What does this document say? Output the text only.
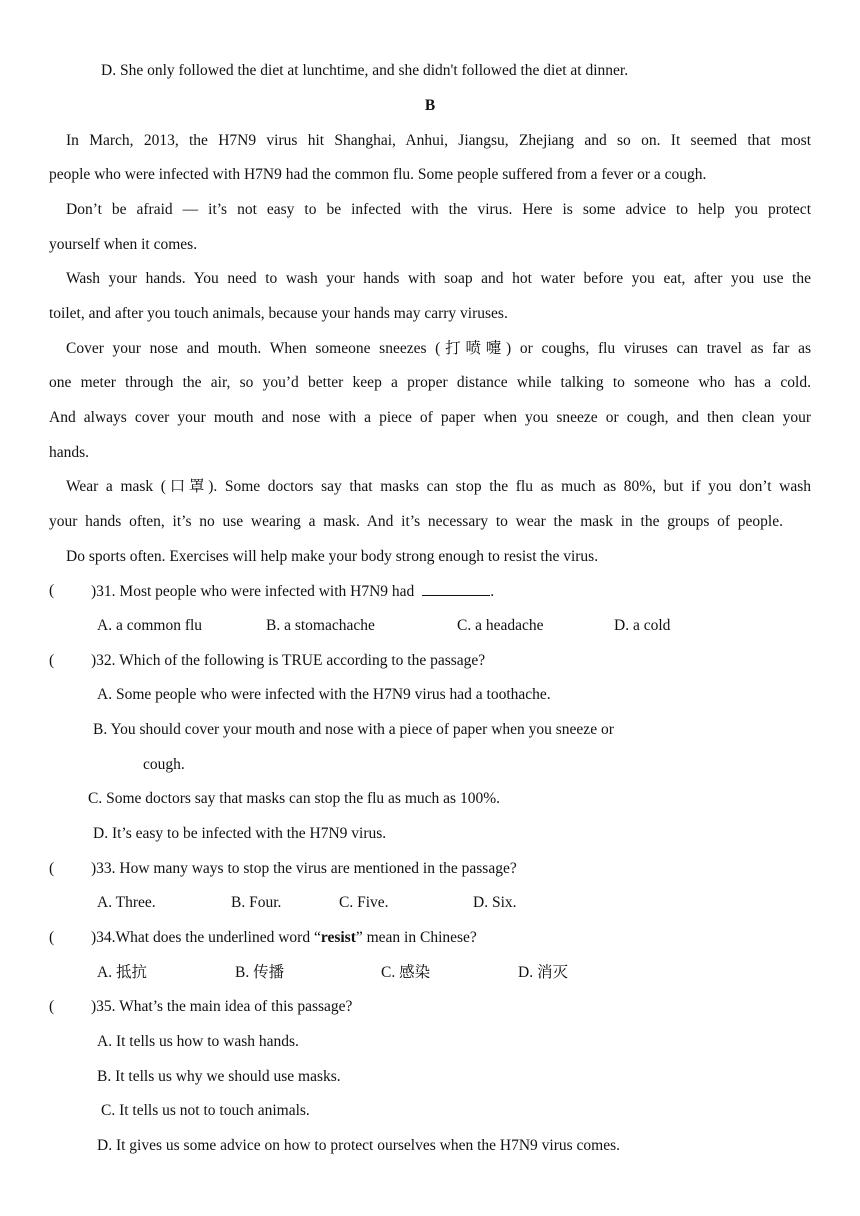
D. She only followed the diet at lunchtime, and she didn't followed the diet at dinner.
B
In March, 2013, the H7N9 virus hit Shanghai, Anhui, Jiangsu, Zhejiang and so on. It seemed that most
people who were infected with H7N9 had the common flu. Some people suffered from a fever or a cough.
Don’t be afraid — it’s not easy to be infected with the virus. Here is some advice to help you protect
yourself when it comes.
Wash your hands. You need to wash your hands with soap and hot water before you eat, after you use the
toilet, and after you touch animals, because your hands may carry viruses.
Cover your nose and mouth. When someone sneezes (打喷嚏) or coughs, flu viruses can travel as far as
one meter through the air, so you’d better keep a proper distance while talking to someone who has a cold.
And always cover your mouth and nose with a piece of paper when you sneeze or cough, and then clean your
hands.
Wear a mask (口罩). Some doctors say that masks can stop the flu as much as 80%, but if you don’t wash
your hands often, it’s no use wearing a mask. And it’s necessary to wear the mask in the groups of people.
Do sports often. Exercises will help make your body strong enough to resist the virus.
( )31. Most people who were infected with H7N9 had	.
A. a common flu	B. a stomachache	C. a headache	D. a cold
( )32. Which of the following is TRUE according to the passage?
A. Some people who were infected with the H7N9 virus had a toothache.
B. You should cover your mouth and nose with a piece of paper when you sneeze or
cough.
C. Some doctors say that masks can stop the flu as much as 100%.
D. It’s easy to be infected with the H7N9 virus.
( )33. How many ways to stop the virus are mentioned in the passage?
A. Three.	B. Four.	C. Five.	D. Six.
( )34.What does the underlined word “resist” mean in Chinese?
A. 抵抗	B. 传播	C. 感染	D. 消灭
( )35. What’s the main idea of this passage?
A. It tells us how to wash hands.
B. It tells us why we should use masks.
C. It tells us not to touch animals.
D. It gives us some advice on how to protect ourselves when the H7N9 virus comes.
